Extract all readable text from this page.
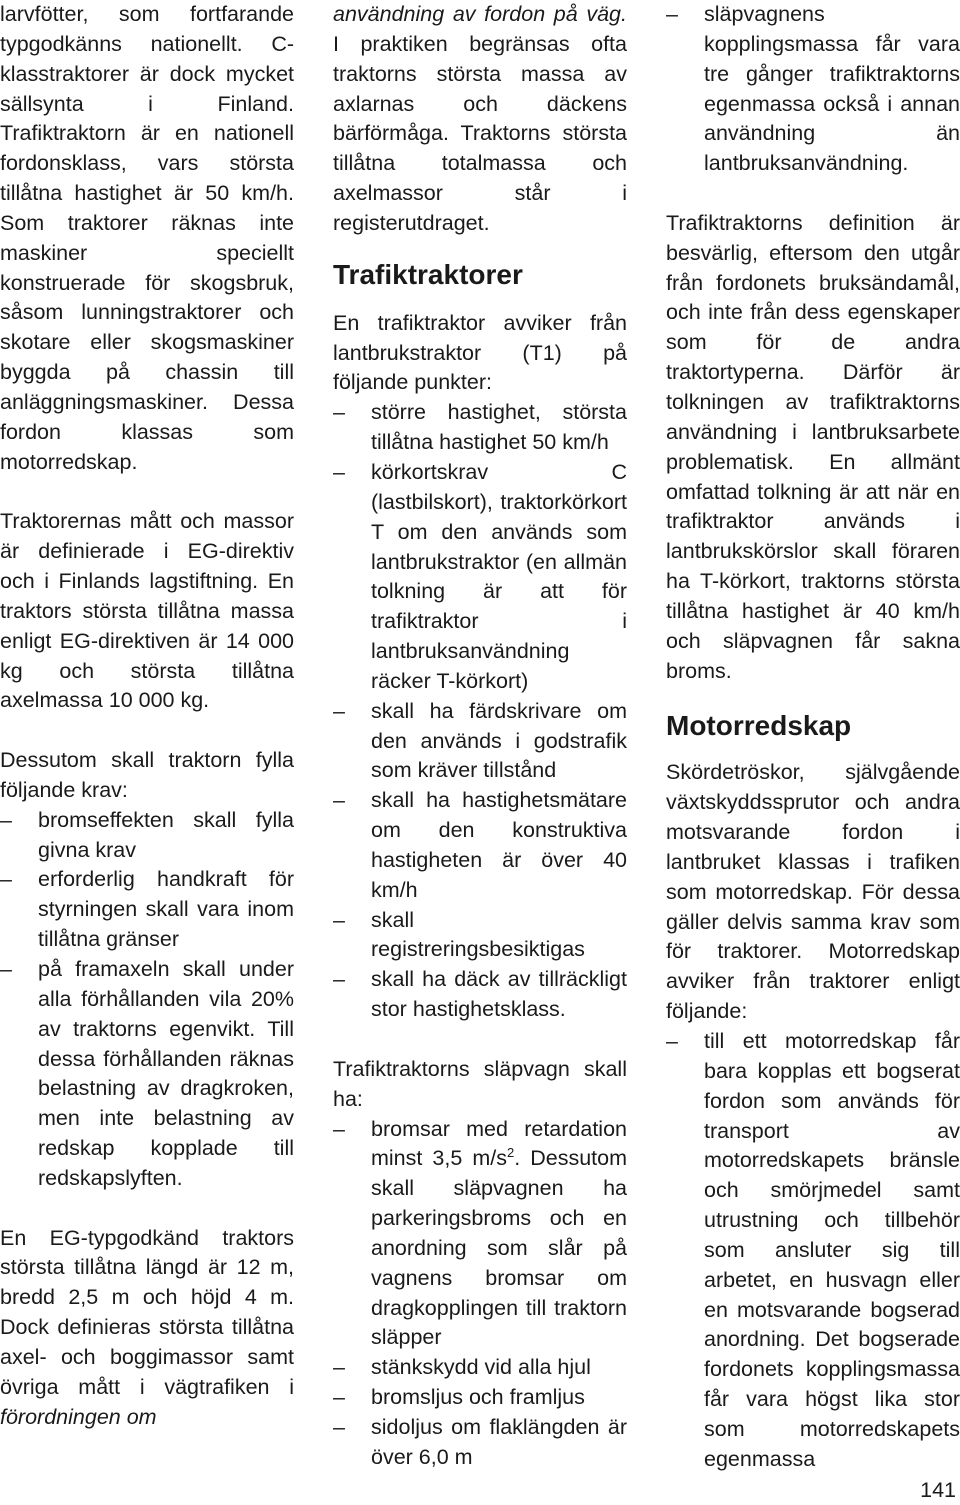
larvfötter, som fortfarande typgodkänns nationellt. C-klasstraktorer är dock mycket sällsynta i Finland. Trafiktraktorn är en nationell fordonsklass, vars största tillåtna hastighet är 50 km/h. Som traktorer räknas inte maskiner speciellt konstruerade för skogsbruk, såsom lunningstraktorer och skotare eller skogsmaskiner byggda på chassin till anläggningsmaskiner. Dessa fordon klassas som motorredskap.

Traktorernas mått och massor är definierade i EG-direktiv och i Finlands lagstiftning. En traktors största tillåtna massa enligt EG-direktiven är 14 000 kg och största tillåtna axelmassa 10 000 kg.

Dessutom skall traktorn fylla följande krav:

– bromseffekten skall fylla givna krav
– erforderlig handkraft för styrningen skall vara inom tillåtna gränser
– på framaxeln skall under alla förhållanden vila 20% av traktorns egenvikt. Till dessa förhållanden räknas belastning av dragkroken, men inte belastning av redskap kopplade till redskapslyften.

En EG-typgodkänd traktors största tillåtna längd är 12 m, bredd 2,5 m och höjd 4 m. Dock definieras största tillåtna axel- och boggimassor samt övriga mått i vägtrafiken i förordningen om

användning av fordon på väg. I praktiken begränsas ofta traktorns största massa av axlarnas och däckens bärförmåga. Traktorns största tillåtna totalmassa och axelmassor står i registerutdraget.

Trafiktraktorer

En trafiktraktor avviker från lantbrukstraktor (T1) på följande punkter:

– större hastighet, största tillåtna hastighet 50 km/h
– körkortskrav C (lastbilskort), traktorkörkort T om den används som lantbrukstraktor (en allmän tolkning är att för trafiktraktor i lantbruksanvändning räcker T-körkort)
– skall ha färdskrivare om den används i godstrafik som kräver tillstånd
– skall ha hastighetsmätare om den konstruktiva hastigheten är över 40 km/h
– skall registreringsbesiktigas
– skall ha däck av tillräckligt stor hastighetsklass.

Trafiktraktorns släpvagn skall ha:

– bromsar med retardation minst 3,5 $m/s^2$. Dessutom skall släpvagnen ha parkeringsbroms och en anordning som slår på vagnens bromsar om dragkopplingen till traktorn släpper
– stänkskydd vid alla hjul
– bromsljus och framljus
– sidoljus om flaklängden är över 6,0 m
– släpvagnens kopplingsmassa får vara tre gånger trafiktraktorns egenmassa också i annan användning än lantbruksanvändning.

Trafiktraktorns definition är besvärlig, eftersom den utgår från fordonets bruksändamål, och inte från dess egenskaper som för de andra traktortyperna. Därför är tolkningen av trafiktraktorns användning i lantbruksarbete problematisk. En allmänt omfattad tolkning är att när en trafiktraktor används i lantbrukskörslor skall föraren ha T-körkort, traktorns största tillåtna hastighet är 40 km/h och släpvagnen får sakna broms.

Motorredskap

Skördetröskor, självgående växtskyddssprutor och andra motsvarande fordon i lantbruket klassas i trafiken som motorredskap. För dessa gäller delvis samma krav som för traktorer. Motorredskap avviker från traktorer enligt följande:

– till ett motorredskap får bara kopplas ett bogserat fordon som används för transport av motorredskapets bränsle och smörjmedel samt utrustning och tillbehör som ansluter sig till arbetet, en husvagn eller en motsvarande bogserad anordning. Det bogserade fordonets kopplingsmassa får vara högst lika stor som motorredskapets egenmassa
141
